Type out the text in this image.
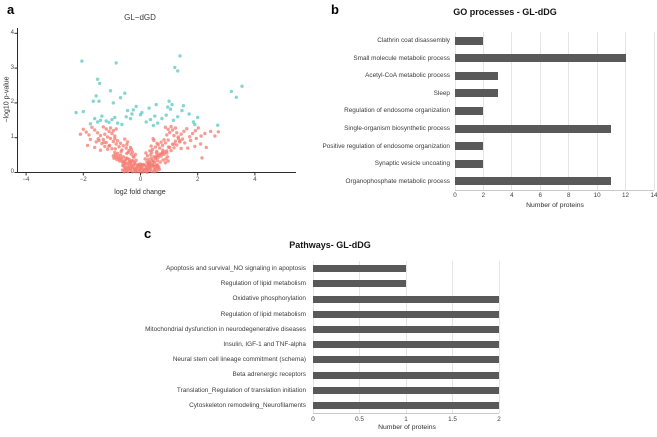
a	b
c
GL−dGD
−log10 p-value
log2 fold change
GO processes - GL-dDG
Number of proteins
Pathways- GL-dDG
Number of proteins
0
1
2
3
4
−4	−2	0	2	4
0	2	4	6	8	10	12	14
Clathrin coat disassembly
Small molecule metabolic process
Acetyl-CoA metabolic process
Sleep
Regulation of endosome organization
Single-organism biosynthetic process
Positive regulation of endosome organization
Synaptic vesicle uncoating
Organophosphate metabolic process
0	0.5	1	1.5	2
Apoptosis and survival_NO signaling in apoptosis
Regulation of lipid metabolism
Oxidative phosphorylation
Regulation of lipid metabolism
Mitochondrial dysfunction in neurodegenerative diseases
Insulin, IGF-1 and TNF-alpha
Neural stem cell lineage commitment (schema)
Beta adrenergic receptors
Translation_Regulation of translation initiation
Cytoskeleton remodeling_Neurofilaments
